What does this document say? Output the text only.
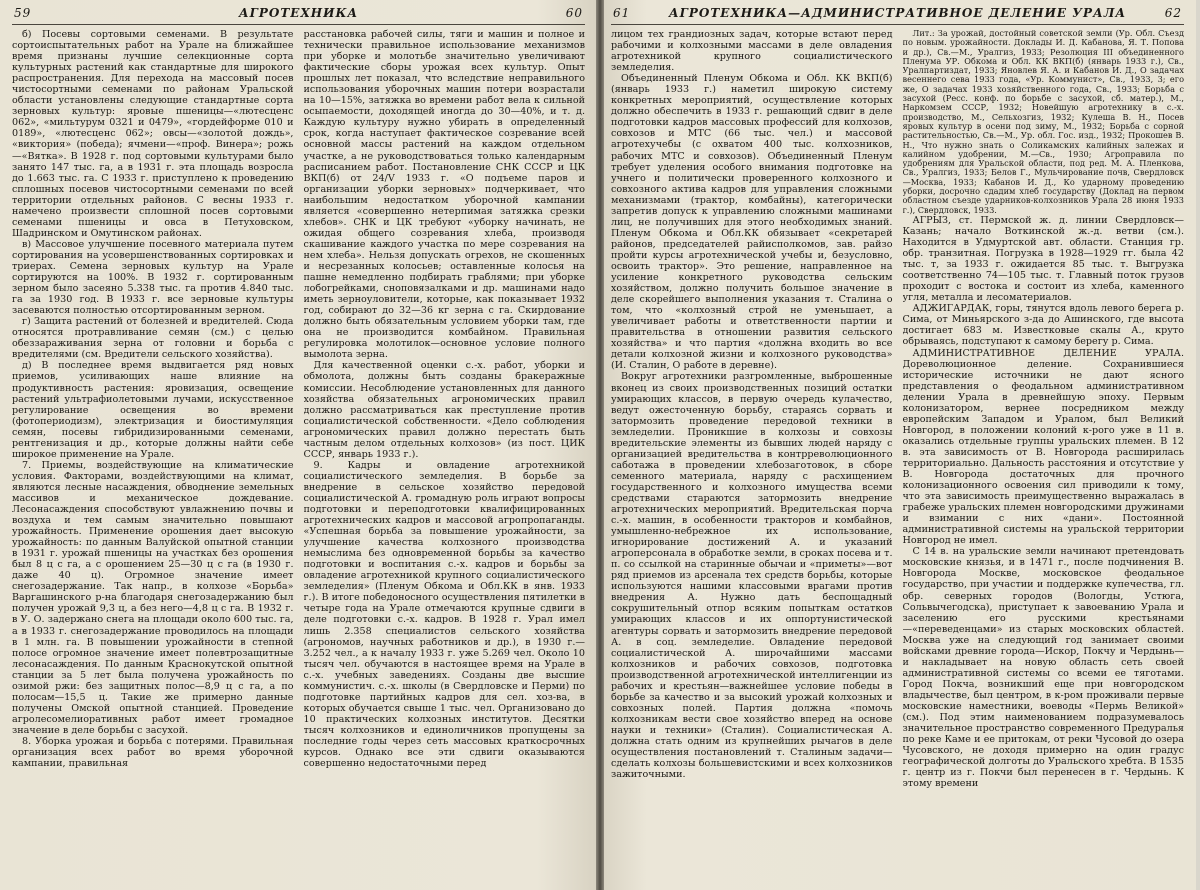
59	АГРОТЕХНИКА	60

б) Посевы сортовыми семенами. В результате сортоиспытательных работ на Урале на ближайшее время признаны лучшие селекционные сорта культурных растений как стандартные для широкого распространения. Для перехода на массовый посев чистосортными семенами по районам Уральской области установлены следующие стандартные сорта зерновых культур: яровые пшеницы—«лютесценс 062», «мильтурум 0321 и 0479», «гордейформе 010 и 0189», «лютесценс 062»; овсы—«золотой дождь», «виктория» (победа); ячмени—«проф. Винера»; рожь—«Вятка». В 1928 г. под сортовыми культурами было занято 147 тыс. га, а в 1931 г. эта площадь возросла до 1.663 тыс. га. С 1933 г. приступлено к проведению сплошных посевов чистосортными семенами по всей территории отдельных районов. С весны 1933 г. намечено произвести сплошной посев сортовыми семенами пшеницы и овса в Петуховском, Шадринском и Омутинском районах.

в) Массовое улучшение посевного материала путем сортирования на усовершенствованных сортировках и триерах. Семена зерновых культур на Урале сортируются на 100%. В 1932 г. сортированным зерном было засеяно 5.338 тыс. га против 4.840 тыс. га за 1930 год. В 1933 г. все зерновые культуры засеваются полностью отсортированным зерном.

г) Защита растений от болезней и вредителей. Сюда относятся протравливание семян (см.) с целью обеззараживания зерна от головни и борьба с вредителями (см. Вредители сельского хозяйства).

д) В последнее время выдвигается ряд новых приемов, усиливающих наше влияние на продуктивность растения: яровизация, освещение растений ультрафиолетовыми лучами, искусственное регулирование освещения во времени (фотопериодизм), электризация и биостимуляция семян, посевы гибридизированными семенами, рентгенизация и др., которые должны найти себе широкое применение на Урале.

7. Приемы, воздействующие на климатические условия. Факторами, воздействующими на климат, являются лесные насаждения, обводнение земельных массивов и механическое дождевание. Лесонасаждения способствуют увлажнению почвы и воздуха и тем самым значительно повышают урожайность. Применение орошения дает высокую урожайность: по данным Валуйской опытной станции в 1931 г. урожай пшеницы на участках без орошения был 8 ц с га, а с орошением 25—30 ц с га (в 1930 г. даже 40 ц). Огромное значение имеет снегозадержание. Так напр., в колхозе «Борьба» Варгашинского р-на благодаря снегозадержанию был получен урожай 9,3 ц, а без него—4,8 ц с га. В 1932 г. в У. О. задержано снега на площади около 600 тыс. га, а в 1933 г. снегозадержание проводилось на площади в 1 млн. га. В повышении урожайности в степной полосе огромное значение имеет полевтрозащитные лесонасаждения. По данным Краснокутской опытной станции за 5 лет была получена урожайность по озимой ржи: без защитных полос—8,9 ц с га, а по полосам—15,5 ц. Такие же примерно данные получены Омской опытной станцией. Проведение агролесомелиоративных работ имеет громадное значение в деле борьбы с засухой.

8. Уборка урожая и борьба с потерями. Правильная организация всех работ во время уборочной кампании, правильная

расстановка рабочей силы, тяги и машин и полное и технически правильное использование механизмов при уборке и молотьбе значительно увеличивают фактические сборы урожая всех культур. Опыт прошлых лет показал, что вследствие неправильного использования уборочных машин потери возрастали на 10—15%, затяжка во времени работ вела к сильной осыпаемости, доходящей иногда до 30—40%, и т. д. Каждую культуру нужно убирать в определенный срок, когда наступает фактическое созревание всей основной массы растений на каждом отдельном участке, а не руководствоваться только календарным расписанием работ. Постановление СНК СССР и ЦК ВКП(б) от 24/V 1933 г. «О подъеме паров и организации уборки зерновых» подчеркивает, что наибольшим недостатком уборочной кампании является «совершенно нетерпимая затяжка срезки хлебов». СНК и ЦК требуют «уборку начинать, не ожидая общего созревания хлеба, производя скашивание каждого участка по мере созревания на нем хлеба». Нельзя допускать огрехов, не скошенных и несрезанных колосьев; оставленные колосья на пашне немедленно подбирать граблями; при уборке лобогрейками, сноповязалками и др. машинами надо иметь зерноуловители, которые, как показывает 1932 год, собирают до 32—36 кг зерна с га. Скирдование должно быть обязательным условием уборки там, где она не производится комбайном. Правильная регулировка молотилок—основное условие полного вымолота зерна.

Для качественной оценки с.-х. работ, уборки и обмолота, должны быть созданы бракеражные комиссии. Несоблюдение установленных для данного хозяйства обязательных агрономических правил должно рассматриваться как преступление против социалистической собственности. «Дело соблюдения агрономических правил должно перестать быть частным делом отдельных колхозов» (из пост. ЦИК СССР, январь 1933 г.).

9. Кадры и овладение агротехникой социалистического земледелия. В борьбе за внедрение в сельское хозяйство передовой социалистической А. громадную роль играют вопросы подготовки и переподготовки квалифицированных агротехнических кадров и массовой агропропаганды. «Успешная борьба за повышение урожайности, за улучшение качества колхозного производства немыслима без одновременной борьбы за качество подготовки и воспитания с.-х. кадров и борьбы за овладение агротехникой крупного социалистического земледелия» (Пленум Обкома и Обл.КК в янв. 1933 г.). В итоге победоносного осуществления пятилетки в четыре года на Урале отмечаются крупные сдвиги в деле подготовки с.-х. кадров. В 1928 г. Урал имел лишь 2.358 специалистов сельского хозяйства (агрономов, научных работников и др.), в 1930 г.—3.252 чел., а к началу 1933 г. уже 5.269 чел. Около 10 тысяч чел. обучаются в настоящее время на Урале в с.-х. учебных заведениях. Созданы две высшие коммунистич. с.-х. школы (в Свердловске и Перми) по подготовке партийных кадров для сел. хоз-ва, в которых обучается свыше 1 тыс. чел. Организовано до 10 практических колхозных институтов. Десятки тысяч колхозников и единоличников пропущены за последние годы через сеть массовых краткосрочных курсов. Однако все эти сдвиги оказываются совершенно недостаточными перед

61	АГРОТЕХНИКА—АДМИНИСТРАТИВНОЕ ДЕЛЕНИЕ УРАЛА	62

лицом тех грандиозных задач, которые встают перед рабочими и колхозными массами в деле овладения агротехникой крупного социалистического земледелия.

Объединенный Пленум Обкома и Обл. КК ВКП(б) (январь 1933 г.) наметил широкую систему конкретных мероприятий, осуществление которых должно обеспечить в 1933 г. решающий сдвиг в деле подготовки кадров массовых профессий для колхозов, совхозов и МТС (66 тыс. чел.) и массовой агротехучебы (с охватом 400 тыс. колхозников, рабочих МТС и совхозов). Объединенный Пленум требует уделения особого внимания подготовке на учнего и политически проверенного колхозного и совхозного актива кадров для управления сложными механизмами (трактор, комбайны), категорически запретив допуск к управлению сложными машинами лиц, не получивших для этого необходимых знаний. Пленум Обкома и Обл.КК обязывает «секретарей районов, председателей райисполкомов, зав. райзо пройти курсы агротехнической учебы и, безусловно, освоить трактор». Это решение, направленное на усиление конкретного руководства сельским хозяйством, должно получить большое значение в деле скорейшего выполнения указания т. Сталина о том, что «колхозный строй не уменьшает, а увеличивает работы и ответственности партии и правительства в отношении развития сельского хозяйства» и что партия «должна входить во все детали колхозной жизни и колхозного руководства» (И. Сталин, О работе в деревне).

Вокруг агротехники разгромленные, выброшенные вконец из своих производственных позиций остатки умирающих классов, в первую очередь кулачество, ведут ожесточенную борьбу, стараясь сорвать и затормозить проведение передовой техники в земледелии. Проникшие в колхозы и совхозы вредительские элементы из бывших людей наряду с организацией вредительства в контрреволюционного саботажа в проведении хлебозаготовок, в сборе семенного материала, наряду с расхищением государственного и колхозного имущества всеми средствами стараются затормозить внедрение агротехнических мероприятий. Вредительская порча с.-х. машин, в особенности тракторов и комбайнов, умышленно-небрежное их использование, игнорирование достижений А. и указаний агроперсонала в обработке земли, в сроках посева и т. п. со ссылкой на старинные обычаи и «приметы»—вот ряд приемов из арсенала тех средств борьбы, которые используются нашими классовыми врагами против внедрения А. Нужно дать беспощадный сокрушительный отпор всяким попыткам остатков умирающих классов и их оппортунистической агентуры сорвать и затормозить внедрение передовой А. в соц. земледелие. Овладение передовой социалистической А. широчайшими массами колхозников и рабочих совхозов, подготовка производственной агротехнической интеллигенции из рабочих и крестьян—важнейшее условие победы в борьбе за качество и за высокий урожай колхозных и совхозных полей. Партия должна «помочь колхозникам вести свое хозяйство вперед на основе науки и техники» (Сталин). Социалистическая А. должна стать одним из крупнейших рычагов в деле осуществления постановлений т. Сталиным задачи—сделать колхозы большевистскими и всех колхозников зажиточными.

Лит.: За урожай, достойный советской земли (Ур. Обл. Съезд по новым. урожайности. Доклады И. Д. Кабанова, Я. Т. Попова и др.), Св.—М., Уралгиз, 1933; Резолюция III объединенного Пленума УР. Обкома и Обл. КК ВКП(б) (январь 1933 г.), Св., Уралпартиздат, 1933; Яновлев Я. А. и Кабанов И. Д., О задачах весеннего сева 1933 года, «Ур. Коммунист», Св., 1933, 3; его же, О задачах 1933 хозяйственного года, Св., 1933; Борьба с засухой (Ресс. конф. по борьбе с засухой, сб. матер.), М., Наркомзем СССР, 1932; Новейшую агротехнику в с.-х. производство, М., Сельхозгиз, 1932; Кулеша В. Н., Посев яровых культур в осени под зиму, М., 1932; Борьба с сорной растительностью, Св.—М., Ур. обл. Гос. изд., 1932; Прокошев В. Н., Что нужно знать о Соликамских калийных залежах и калийном удобрении, М.—Св., 1930; Агроправила по удобрениям для Уральской области, под ред. М. А. Пленкова, Св., Уралгиз, 1933; Белов Г., Мульчирование почв, Свердловск—Москва, 1933; Кабанов И. Д., Ко ударному проведению уборки, досрочно сдадим хлеб государству (Доклад на первом областном съезде ударников-колхозников Урала 28 июня 1933 г.), Свердловск, 1933.

АГРЫЗ, ст. Пермской ж. д. линии Свердловск—Казань; начало Воткинской ж.-д. ветви (см.). Находится в Удмуртской авт. области. Станция гр. обр. транзитная. Погрузка в 1928—1929 гг. была 42 тыс. т, за 1933 г. ожидается 85 тыс. т. Выгрузка соответственно 74—105 тыс. т. Главный поток грузов проходит с востока и состоит из хлеба, каменного угля, металла и лесоматериалов.

АДЖИГАРДАК, горы, тянутся вдоль левого берега р. Сима, от Миньярского з-да до Ашинского, где высота достигает 683 м. Известковые скалы А., круто обрываясь, подступают к самому берегу р. Сима.

АДМИНИСТРАТИВНОЕ ДЕЛЕНИЕ УРАЛА. Дореволюционное деление. Сохранившиеся исторические источники не дают ясного представления о феодальном административном делении Урала в древнейшую эпоху. Первым колонизатором, вернее посредником между европейским Западом и Уралом, был Великий Новгород, в положении колоний к-рого уже в 11 в. оказались отдельные группы уральских племен. В 12 в. эта зависимость от В. Новгорода расширилась территориально. Дальность расстояния и отсутствие у В. Новгорода достаточных для прочного колонизационного освоения сил приводили к тому, что эта зависимость преимущественно выражалась в грабеже уральских племен новгородскими дружинами и взимании с них «дани». Постоянной административной системы на уральской территории Новгород не имел.

С 14 в. на уральские земли начинают претендовать московские князья, и в 1471 г., после подчинения В. Новгорода Москве, московское феодальное государство, при участии и поддержке купечества, гл. обр. северных городов (Вологды, Устюга, Сольвычегодска), приступает к завоеванию Урала и заселению его русскими крестьянами—«переведенцами» из старых московских областей. Москва уже на следующий год занимает своими войсками древние города—Искор, Покчу и Чердынь—и накладывает на новую область сеть своей административной системы со всеми ее тяготами. Город Покча, возникший еще при новгородском владычестве, был центром, в к-ром проживали первые московские наместники, воеводы «Пермь Великой» (см.). Под этим наименованием подразумевалось значительное пространство современного Предуралья по реке Каме и ее притокам, от реки Чусовой до озера Чусовского, не доходя примерно на один градус географической долготы до Уральского хребта. В 1535 г. центр из г. Покчи был перенесен в г. Чердынь. К этому времени
